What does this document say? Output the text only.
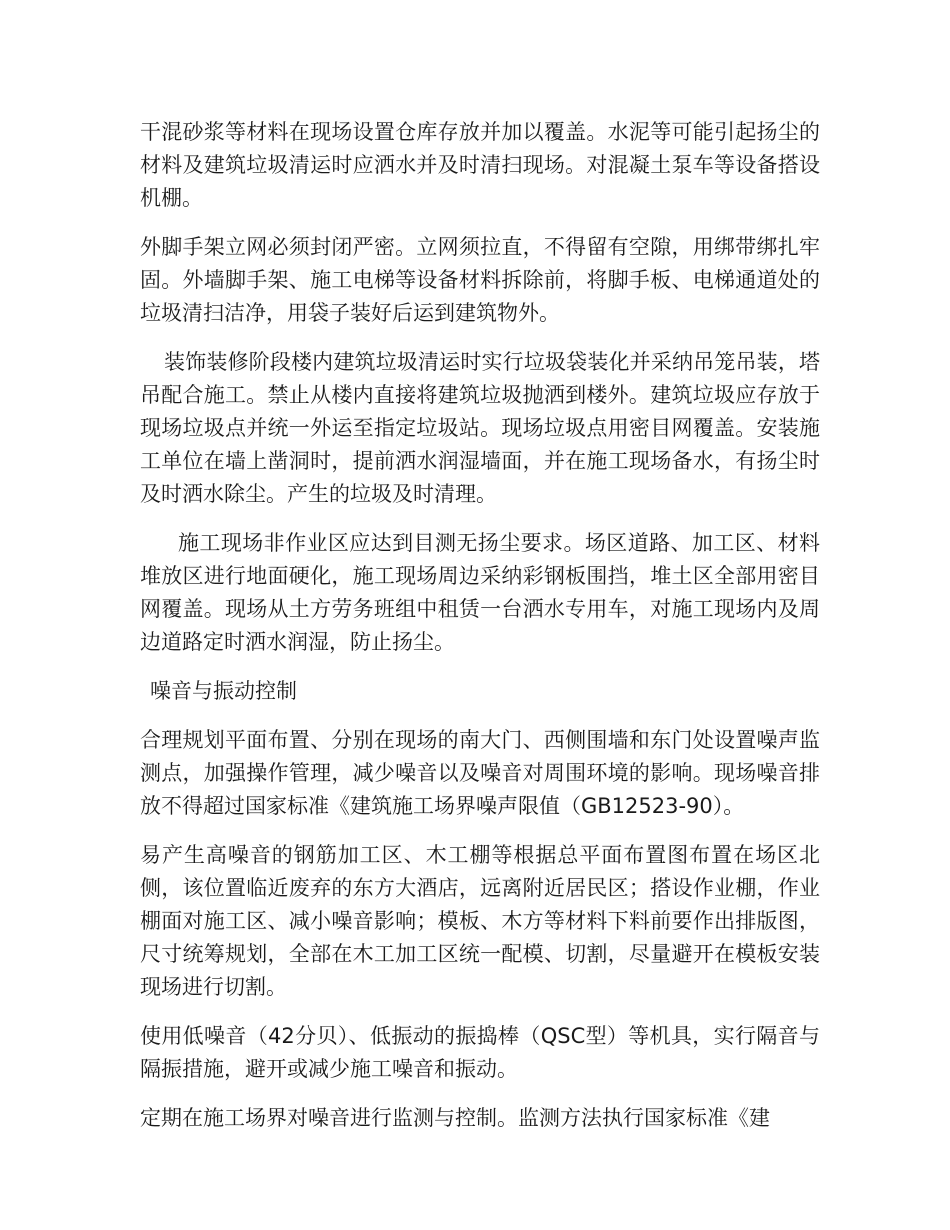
干混砂浆等材料在现场设置仓库存放并加以覆盖。水泥等可能引起扬尘的材料及建筑垃圾清运时应洒水并及时清扫现场。对混凝土泵车等设备搭设机棚。

外脚手架立网必须封闭严密。立网须拉直，不得留有空隙，用绑带绑扎牢固。外墙脚手架、施工电梯等设备材料拆除前，将脚手板、电梯通道处的垃圾清扫洁净，用袋子装好后运到建筑物外。

装饰装修阶段楼内建筑垃圾清运时实行垃圾袋装化并采纳吊笼吊装，塔吊配合施工。禁止从楼内直接将建筑垃圾抛洒到楼外。建筑垃圾应存放于现场垃圾点并统一外运至指定垃圾站。现场垃圾点用密目网覆盖。安装施工单位在墙上凿洞时，提前洒水润湿墙面，并在施工现场备水，有扬尘时及时洒水除尘。产生的垃圾及时清理。

施工现场非作业区应达到目测无扬尘要求。场区道路、加工区、材料堆放区进行地面硬化，施工现场周边采纳彩钢板围挡，堆土区全部用密目网覆盖。现场从土方劳务班组中租赁一台洒水专用车，对施工现场内及周边道路定时洒水润湿，防止扬尘。

噪音与振动控制

合理规划平面布置、分别在现场的南大门、西侧围墙和东门处设置噪声监测点，加强操作管理，减少噪音以及噪音对周围环境的影响。现场噪音排放不得超过国家标准《建筑施工场界噪声限值（GB12523-90）。

易产生高噪音的钢筋加工区、木工棚等根据总平面布置图布置在场区北侧，该位置临近废弃的东方大酒店，远离附近居民区；搭设作业棚，作业棚面对施工区、减小噪音影响；模板、木方等材料下料前要作出排版图，尺寸统筹规划，全部在木工加工区统一配模、切割，尽量避开在模板安装现场进行切割。

使用低噪音（42分贝）、低振动的振捣棒（QSC型）等机具，实行隔音与隔振措施，避开或减少施工噪音和振动。

定期在施工场界对噪音进行监测与控制。监测方法执行国家标准《建
